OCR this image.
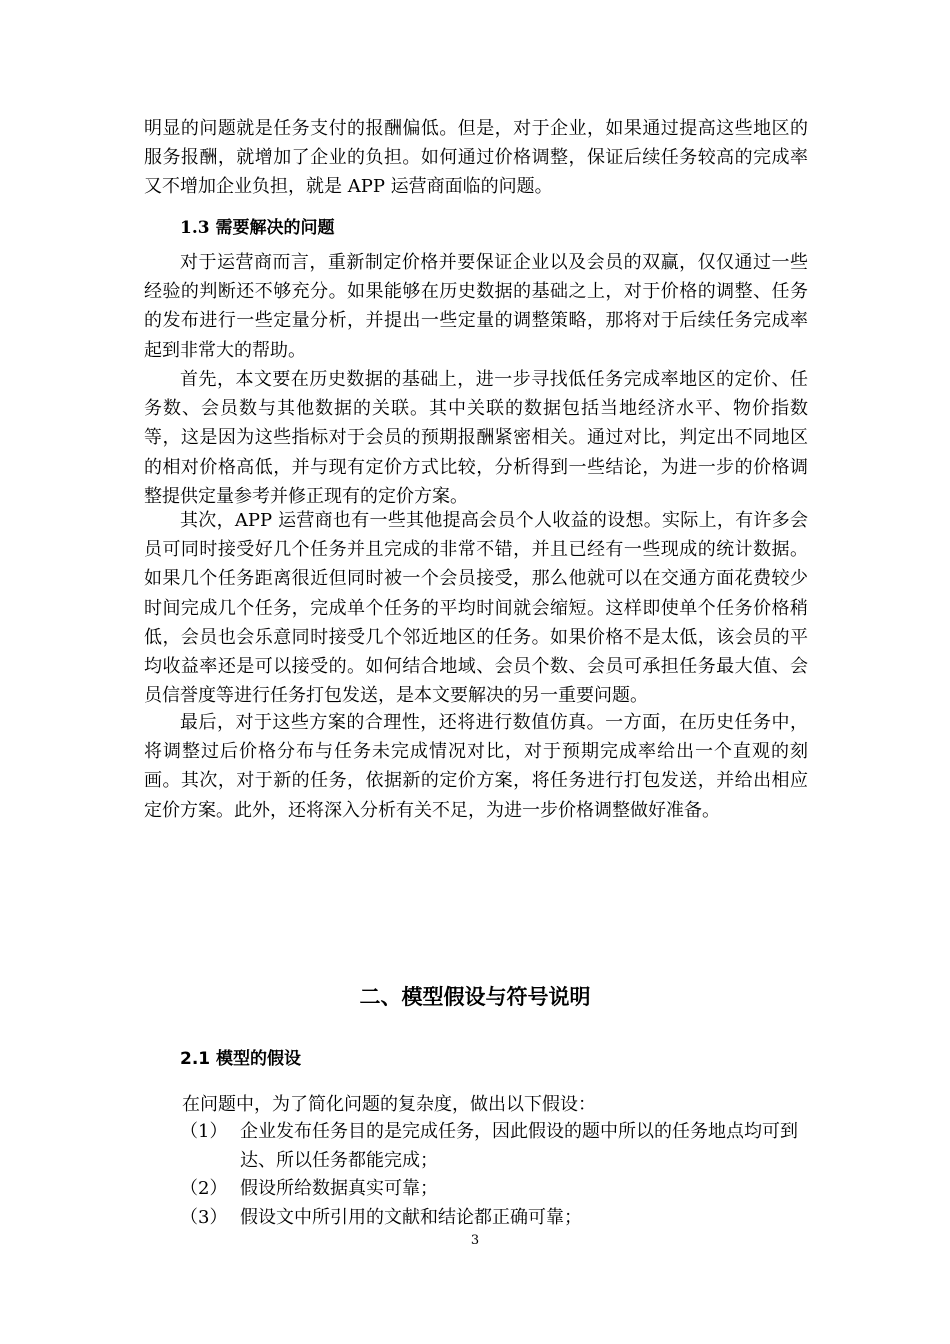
明显的问题就是任务支付的报酬偏低。但是，对于企业，如果通过提高这些地区的服务报酬，就增加了企业的负担。如何通过价格调整，保证后续任务较高的完成率又不增加企业负担，就是 APP 运营商面临的问题。

1.3 需要解决的问题

对于运营商而言，重新制定价格并要保证企业以及会员的双赢，仅仅通过一些经验的判断还不够充分。如果能够在历史数据的基础之上，对于价格的调整、任务的发布进行一些定量分析，并提出一些定量的调整策略，那将对于后续任务完成率起到非常大的帮助。

首先，本文要在历史数据的基础上，进一步寻找低任务完成率地区的定价、任务数、会员数与其他数据的关联。其中关联的数据包括当地经济水平、物价指数等，这是因为这些指标对于会员的预期报酬紧密相关。通过对比，判定出不同地区的相对价格高低，并与现有定价方式比较，分析得到一些结论，为进一步的价格调整提供定量参考并修正现有的定价方案。

其次，APP 运营商也有一些其他提高会员个人收益的设想。实际上，有许多会员可同时接受好几个任务并且完成的非常不错，并且已经有一些现成的统计数据。如果几个任务距离很近但同时被一个会员接受，那么他就可以在交通方面花费较少时间完成几个任务，完成单个任务的平均时间就会缩短。这样即使单个任务价格稍低，会员也会乐意同时接受几个邻近地区的任务。如果价格不是太低，该会员的平均收益率还是可以接受的。如何结合地域、会员个数、会员可承担任务最大值、会员信誉度等进行任务打包发送，是本文要解决的另一重要问题。

最后，对于这些方案的合理性，还将进行数值仿真。一方面，在历史任务中，将调整过后价格分布与任务未完成情况对比，对于预期完成率给出一个直观的刻画。其次，对于新的任务，依据新的定价方案，将任务进行打包发送，并给出相应定价方案。此外，还将深入分析有关不足，为进一步价格调整做好准备。

二、模型假设与符号说明
2.1 模型的假设

在问题中，为了简化问题的复杂度，做出以下假设：

（1） 企业发布任务目的是完成任务，因此假设的题中所以的任务地点均可到达、所以任务都能完成；
（2） 假设所给数据真实可靠；
（3） 假设文中所引用的文献和结论都正确可靠；

3
